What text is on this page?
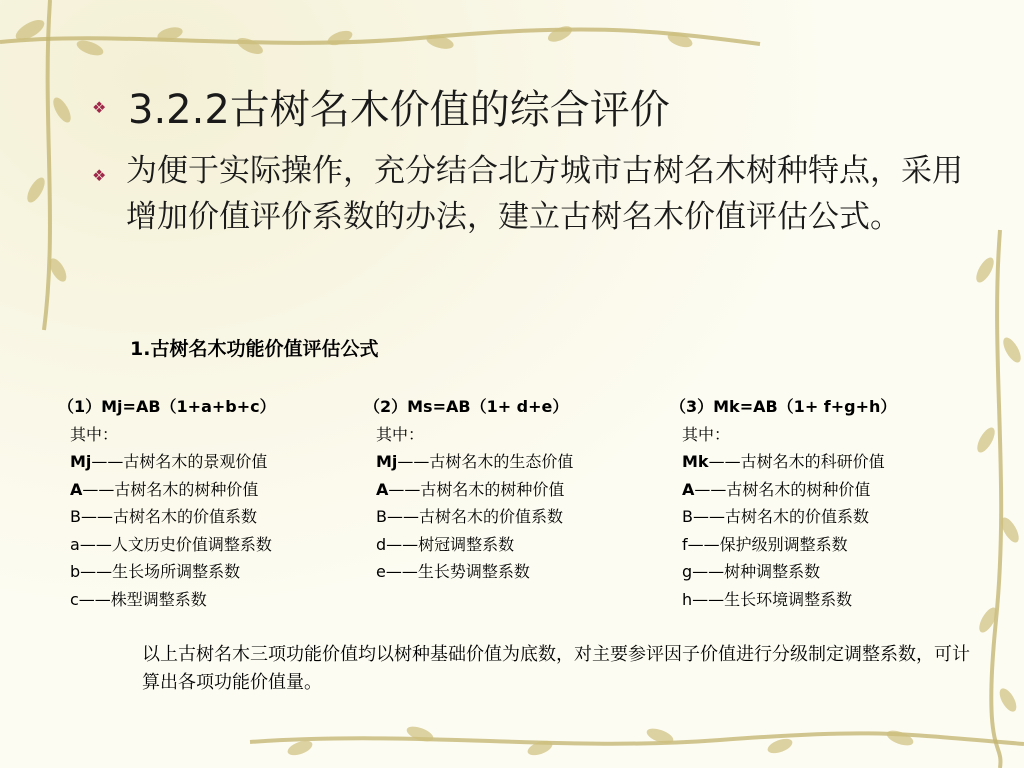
❖ 3.2.2古树名木价值的综合评价
❖ 为便于实际操作，充分结合北方城市古树名木树种特点，采用增加价值评价系数的办法，建立古树名木价值评估公式。
1.古树名木功能价值评估公式
（1）Mj=AB（1+a+b+c）
其中：
Mj——古树名木的景观价值
A——古树名木的树种价值
B——古树名木的价值系数
a——人文历史价值调整系数
b——生长场所调整系数
c——株型调整系数
（2）Ms=AB（1+ d+e）
其中：
Mj——古树名木的生态价值
A——古树名木的树种价值
B——古树名木的价值系数
d——树冠调整系数
e——生长势调整系数
（3）Mk=AB（1+ f+g+h）
其中：
Mk——古树名木的科研价值
A——古树名木的树种价值
B——古树名木的价值系数
f——保护级别调整系数
g——树种调整系数
h——生长环境调整系数
以上古树名木三项功能价值均以树种基础价值为底数，对主要参评因子价值进行分级制定调整系数，可计算出各项功能价值量。
